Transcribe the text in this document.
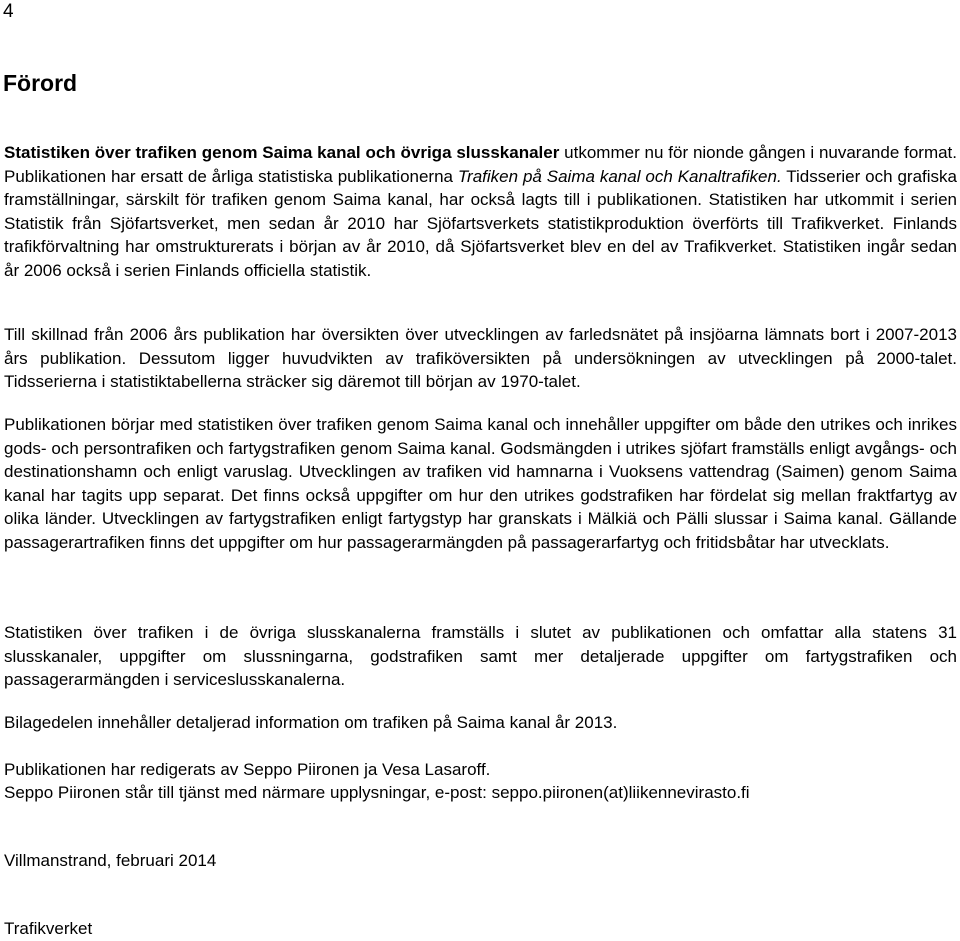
4
Förord

Statistiken över trafiken genom Saima kanal och övriga slusskanaler utkommer nu för nionde gången i nuvarande format. Publikationen har ersatt de årliga statistiska publikationerna Trafiken på Saima kanal och Kanaltrafiken. Tidsserier och grafiska framställningar, särskilt för trafiken genom Saima kanal, har också lagts till i publikationen. Statistiken har utkommit i serien Statistik från Sjöfartsverket, men sedan år 2010 har Sjöfartsverkets statistikproduktion överförts till Trafikverket. Finlands trafikförvaltning har omstrukturerats i början av år 2010, då Sjöfartsverket blev en del av Trafikverket. Statistiken ingår sedan år 2006 också i serien Finlands officiella statistik.

Till skillnad från 2006 års publikation har översikten över utvecklingen av farledsnätet på insjöarna lämnats bort i 2007-2013 års publikation. Dessutom ligger huvudvikten av trafiköversikten på undersökningen av utvecklingen på 2000-talet. Tidsserierna i statistiktabellerna sträcker sig däremot till början av 1970-talet.

Publikationen börjar med statistiken över trafiken genom Saima kanal och innehåller uppgifter om både den utrikes och inrikes gods- och persontrafiken och fartygstrafiken genom Saima kanal. Godsmängden i utrikes sjöfart framställs enligt avgångs- och destinationshamn och enligt varuslag. Utvecklingen av trafiken vid hamnarna i Vuoksens vattendrag (Saimen) genom Saima kanal har tagits upp separat. Det finns också uppgifter om hur den utrikes godstrafiken har fördelat sig mellan fraktfartyg av olika länder. Utvecklingen av fartygstrafiken enligt fartygstyp har granskats i Mälkiä och Pälli slussar i Saima kanal. Gällande passagerartrafiken finns det uppgifter om hur passagerarmängden på passagerarfartyg och fritidsbåtar har utvecklats.

Statistiken över trafiken i de övriga slusskanalerna framställs i slutet av publikationen och omfattar alla statens 31 slusskanaler, uppgifter om slussningarna, godstrafiken samt mer detaljerade uppgifter om fartygstrafiken och passagerarmängden i serviceslusskanalerna.

Bilagedelen innehåller detaljerad information om trafiken på Saima kanal år 2013.

Publikationen har redigerats av Seppo Piironen ja Vesa Lasaroff.
Seppo Piironen står till tjänst med närmare upplysningar, e-post: seppo.piironen(at)liikennevirasto.fi
Villmanstrand, februari 2014
Trafikverket
